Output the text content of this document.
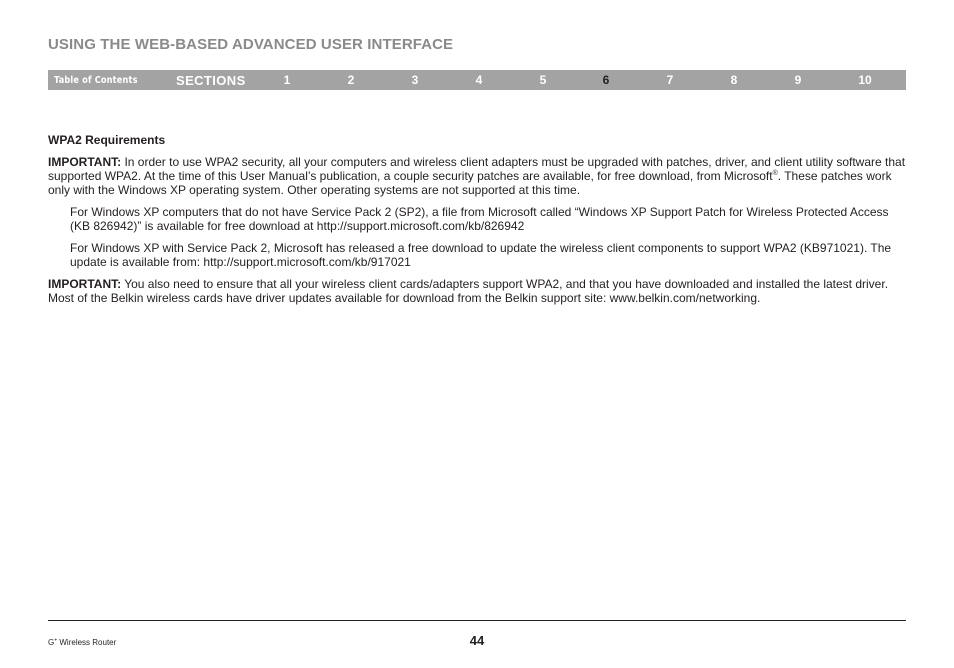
USING THE WEB-BASED ADVANCED USER INTERFACE
Table of Contents	SECTIONS	1	2	3	4	5	6	7	8	9	10
WPA2 Requirements

IMPORTANT: In order to use WPA2 security, all your computers and wireless client adapters must be upgraded with patches, driver, and client utility software that supported WPA2. At the time of this User Manual’s publication, a couple security patches are available, for free download, from Microsoft®. These patches work only with the Windows XP operating system. Other operating systems are not supported at this time.

For Windows XP computers that do not have Service Pack 2 (SP2), a file from Microsoft called “Windows XP Support Patch for Wireless Protected Access (KB 826942)” is available for free download at http://support.microsoft.com/kb/826942

For Windows XP with Service Pack 2, Microsoft has released a free download to update the wireless client components to support WPA2 (KB971021). The update is available from: http://support.microsoft.com/kb/917021

IMPORTANT: You also need to ensure that all your wireless client cards/adapters support WPA2, and that you have downloaded and installed the latest driver. Most of the Belkin wireless cards have driver updates available for download from the Belkin support site: www.belkin.com/networking.

G+ Wireless Router	44
